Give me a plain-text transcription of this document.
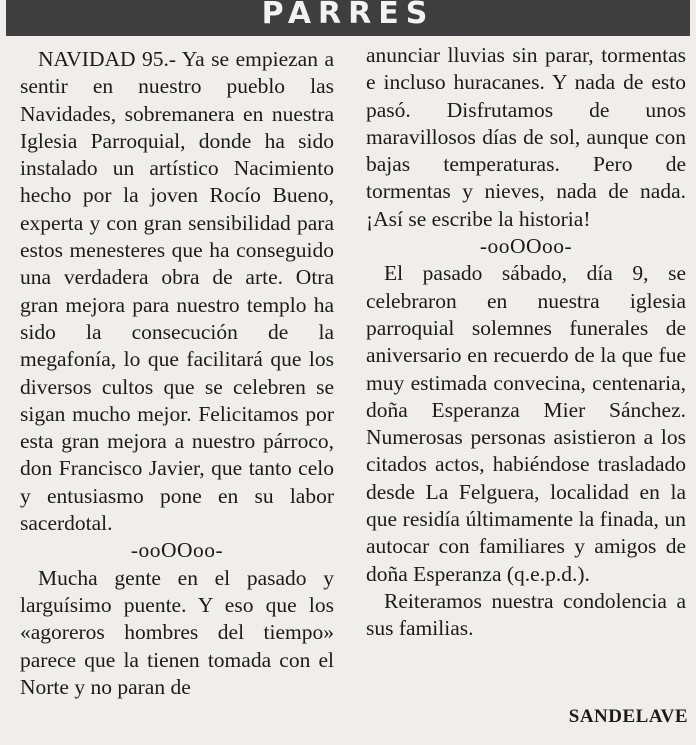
PARRES

NAVIDAD 95.- Ya se empiezan a sentir en nuestro pueblo las Navidades, sobremanera en nuestra Iglesia Parroquial, donde ha sido instalado un artístico Nacimiento hecho por la joven Rocío Bueno, experta y con gran sensibilidad para estos menesteres que ha conseguido una verdadera obra de arte. Otra gran mejora para nuestro templo ha sido la consecución de la megafonía, lo que facilitará que los diversos cultos que se celebren se sigan mucho mejor. Felicitamos por esta gran mejora a nuestro párroco, don Francisco Javier, que tanto celo y entusiasmo pone en su labor sacerdotal.

-ooOOoo-

Mucha gente en el pasado y larguísimo puente. Y eso que los «agoreros hombres del tiempo» parece que la tienen tomada con el Norte y no paran de

anunciar lluvias sin parar, tormentas e incluso huracanes. Y nada de esto pasó. Disfrutamos de unos maravillosos días de sol, aunque con bajas temperaturas. Pero de tormentas y nieves, nada de nada. ¡Así se escribe la historia!

-ooOOoo-

El pasado sábado, día 9, se celebraron en nuestra iglesia parroquial solemnes funerales de aniversario en recuerdo de la que fue muy estimada convecina, centenaria, doña Esperanza Mier Sánchez. Numerosas personas asistieron a los citados actos, habiéndose trasladado desde La Felguera, localidad en la que residía últimamente la finada, un autocar con familiares y amigos de doña Esperanza (q.e.p.d.).

Reiteramos nuestra condolencia a sus familias.

SANDELAVE
